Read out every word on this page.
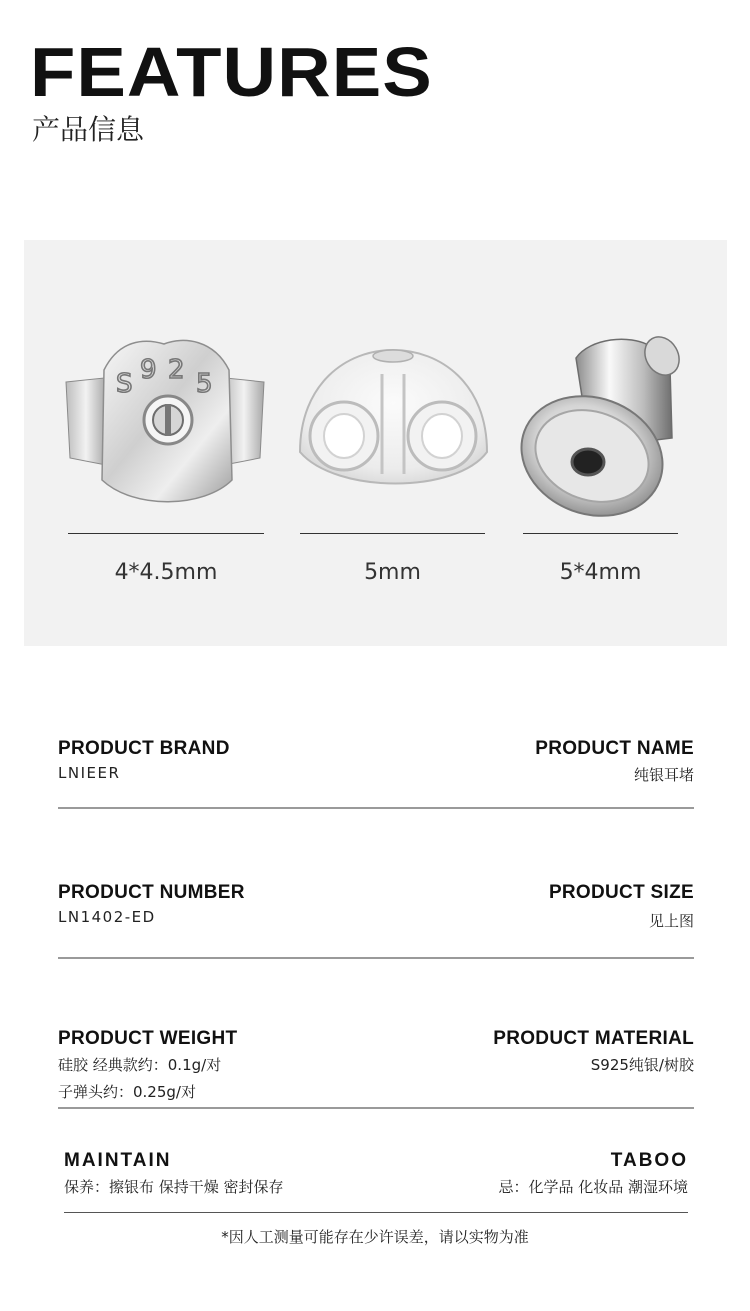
FEATURES
产品信息
S 9 2 5
4*4.5mm	5mm	5*4mm
PRODUCT BRAND
LNIEER
PRODUCT NAME
纯银耳堵
PRODUCT NUMBER
LN1402-ED
PRODUCT SIZE
见上图
PRODUCT WEIGHT
硅胶 经典款约：0.1g/对
子弹头约：0.25g/对
PRODUCT MATERIAL
S925纯银/树胶
MAINTAIN
保养：擦银布 保持干燥 密封保存
TABOO
忌：化学品 化妆品 潮湿环境
*因人工测量可能存在少许误差，请以实物为准
